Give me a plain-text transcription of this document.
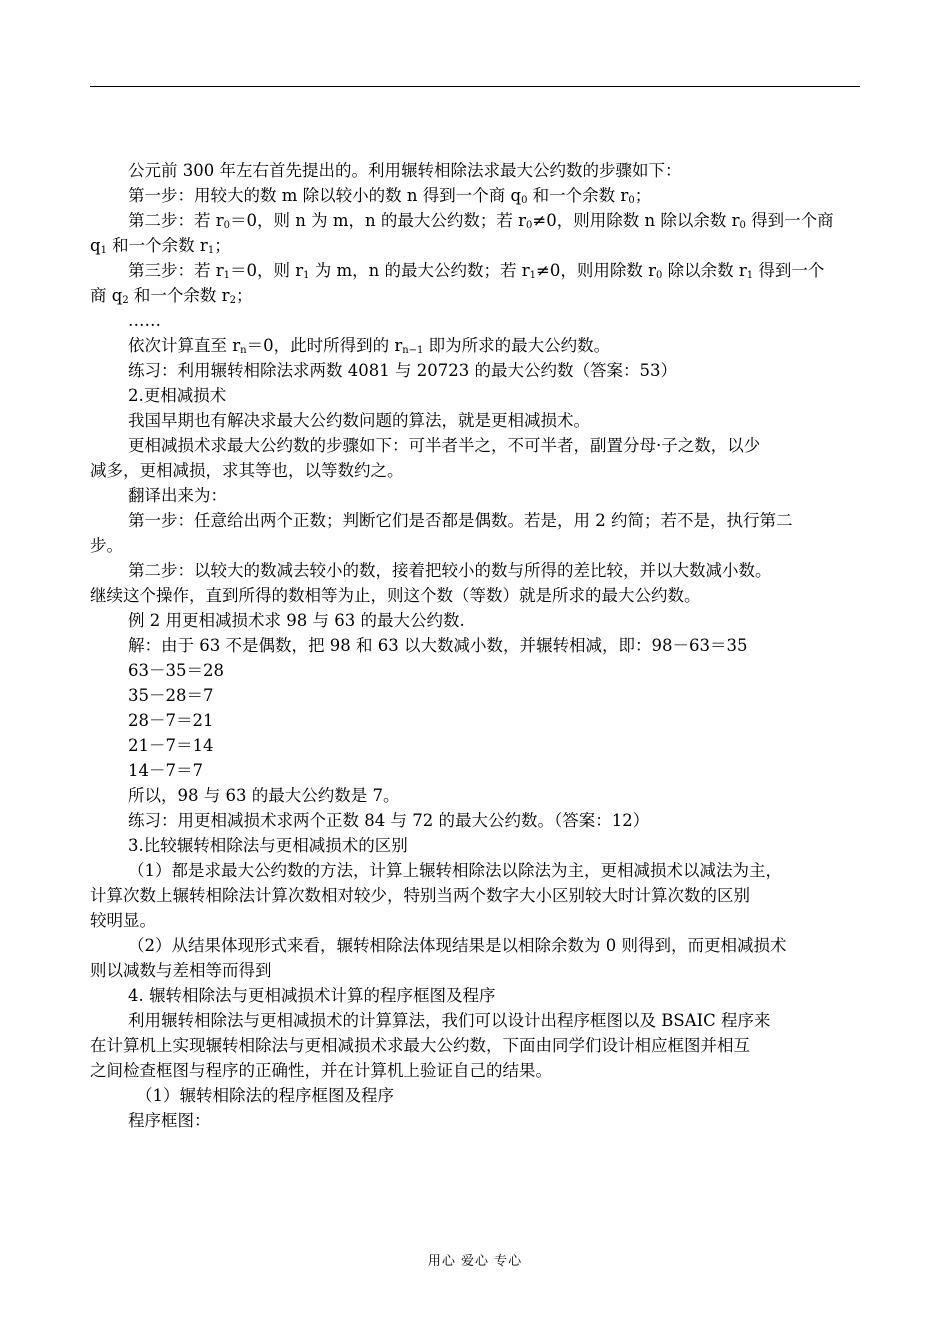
公元前 300 年左右首先提出的。利用辗转相除法求最大公约数的步骤如下：
第一步：用较大的数 m 除以较小的数 n 得到一个商 $q_0$ 和一个余数 $r_0$；
第二步：若 $r_0=0$，则 n 为 m，n 的最大公约数；若 $r_0\ne 0$，则用除数 n 除以余数 $r_0$ 得到一个商
$q_1$ 和一个余数 $r_1$；
第三步：若 $r_1=0$，则 $r_1$ 为 m，n 的最大公约数；若 $r_1\ne 0$，则用除数 $r_0$ 除以余数 $r_1$ 得到一个
商 $q_2$ 和一个余数 $r_2$；
……
依次计算直至 $r_n=0$，此时所得到的 $r_{n-1}$ 即为所求的最大公约数。
练习：利用辗转相除法求两数 4081 与 20723 的最大公约数（答案：53）
2.更相减损术
我国早期也有解决求最大公约数问题的算法，就是更相减损术。
更相减损术求最大公约数的步骤如下：可半者半之，不可半者，副置分母·子之数，以少
减多，更相减损，求其等也，以等数约之。
翻译出来为：
第一步：任意给出两个正数；判断它们是否都是偶数。若是，用 2 约简；若不是，执行第二
步。
第二步：以较大的数减去较小的数，接着把较小的数与所得的差比较，并以大数减小数。
继续这个操作，直到所得的数相等为止，则这个数（等数）就是所求的最大公约数。
例 2 用更相减损术求 98 与 63 的最大公约数.
解：由于 63 不是偶数，把 98 和 63 以大数减小数，并辗转相减，即：98－63＝35
63－35＝28
35－28＝7
28－7＝21
21－7＝14
14－7＝7
所以，98 与 63 的最大公约数是 7。
练习：用更相减损术求两个正数 84 与 72 的最大公约数。（答案：12）
3.比较辗转相除法与更相减损术的区别
（1）都是求最大公约数的方法，计算上辗转相除法以除法为主，更相减损术以减法为主，
计算次数上辗转相除法计算次数相对较少，特别当两个数字大小区别较大时计算次数的区别
较明显。
（2）从结果体现形式来看，辗转相除法体现结果是以相除余数为 0 则得到，而更相减损术
则以减数与差相等而得到
4. 辗转相除法与更相减损术计算的程序框图及程序
利用辗转相除法与更相减损术的计算算法，我们可以设计出程序框图以及 BSAIC 程序来
在计算机上实现辗转相除法与更相减损术求最大公约数，下面由同学们设计相应框图并相互
之间检查框图与程序的正确性，并在计算机上验证自己的结果。
（1）辗转相除法的程序框图及程序
程序框图：
用心 爱心 专心
